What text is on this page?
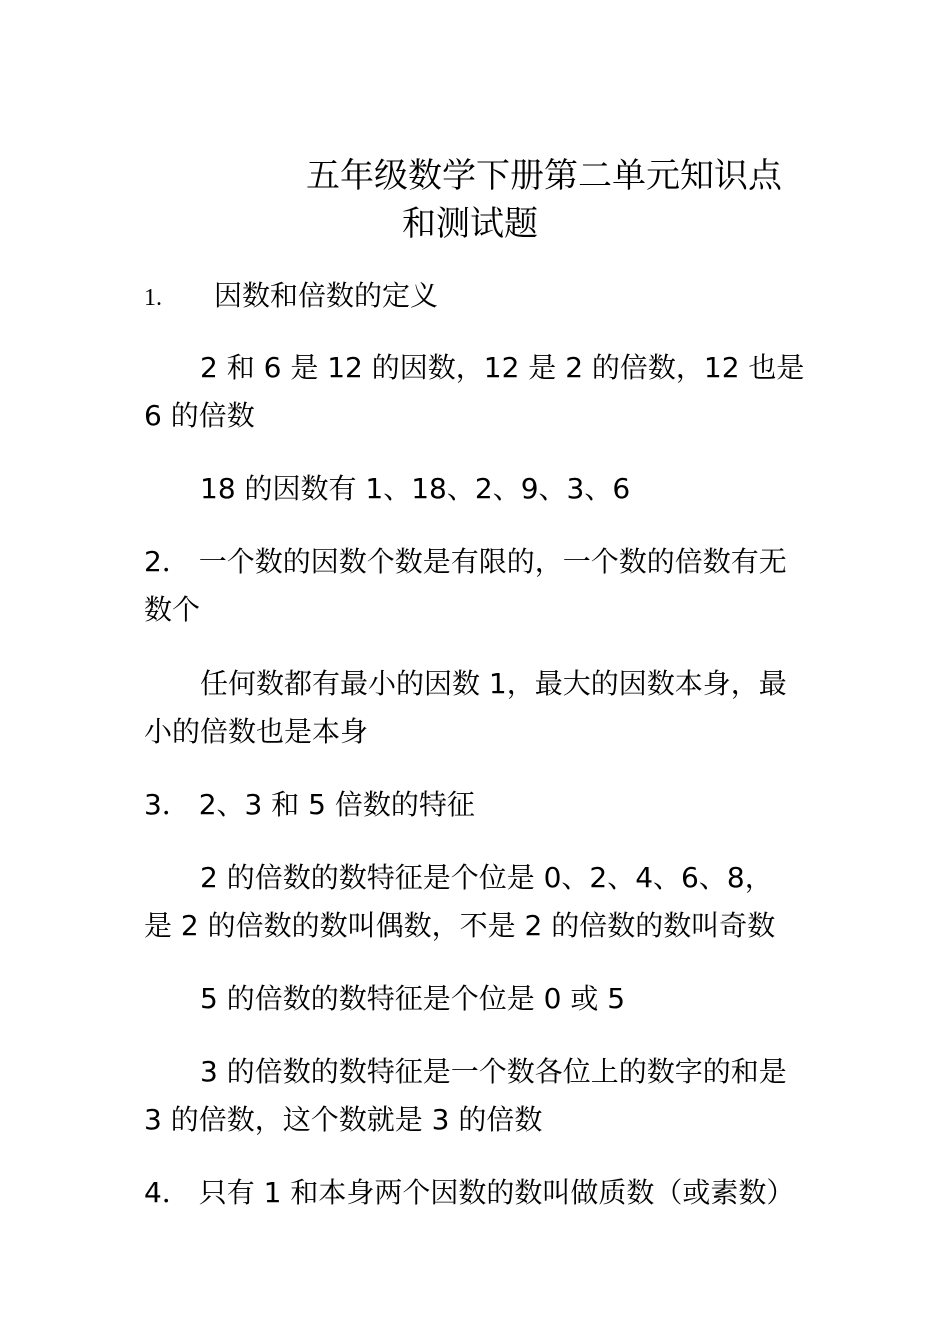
五年级数学下册第二单元知识点
和测试题

1. 因数和倍数的定义

2 和 6 是 12 的因数，12 是 2 的倍数，12 也是

6 的倍数

18 的因数有 1、18、2、9、3、6

2． 一个数的因数个数是有限的，一个数的倍数有无

数个

任何数都有最小的因数 1，最大的因数本身，最

小的倍数也是本身

3． 2、3 和 5 倍数的特征

2 的倍数的数特征是个位是 0、2、4、6、8，

是 2 的倍数的数叫偶数，不是 2 的倍数的数叫奇数

5 的倍数的数特征是个位是 0 或 5

3 的倍数的数特征是一个数各位上的数字的和是

3 的倍数，这个数就是 3 的倍数

4． 只有 1 和本身两个因数的数叫做质数（或素数）
